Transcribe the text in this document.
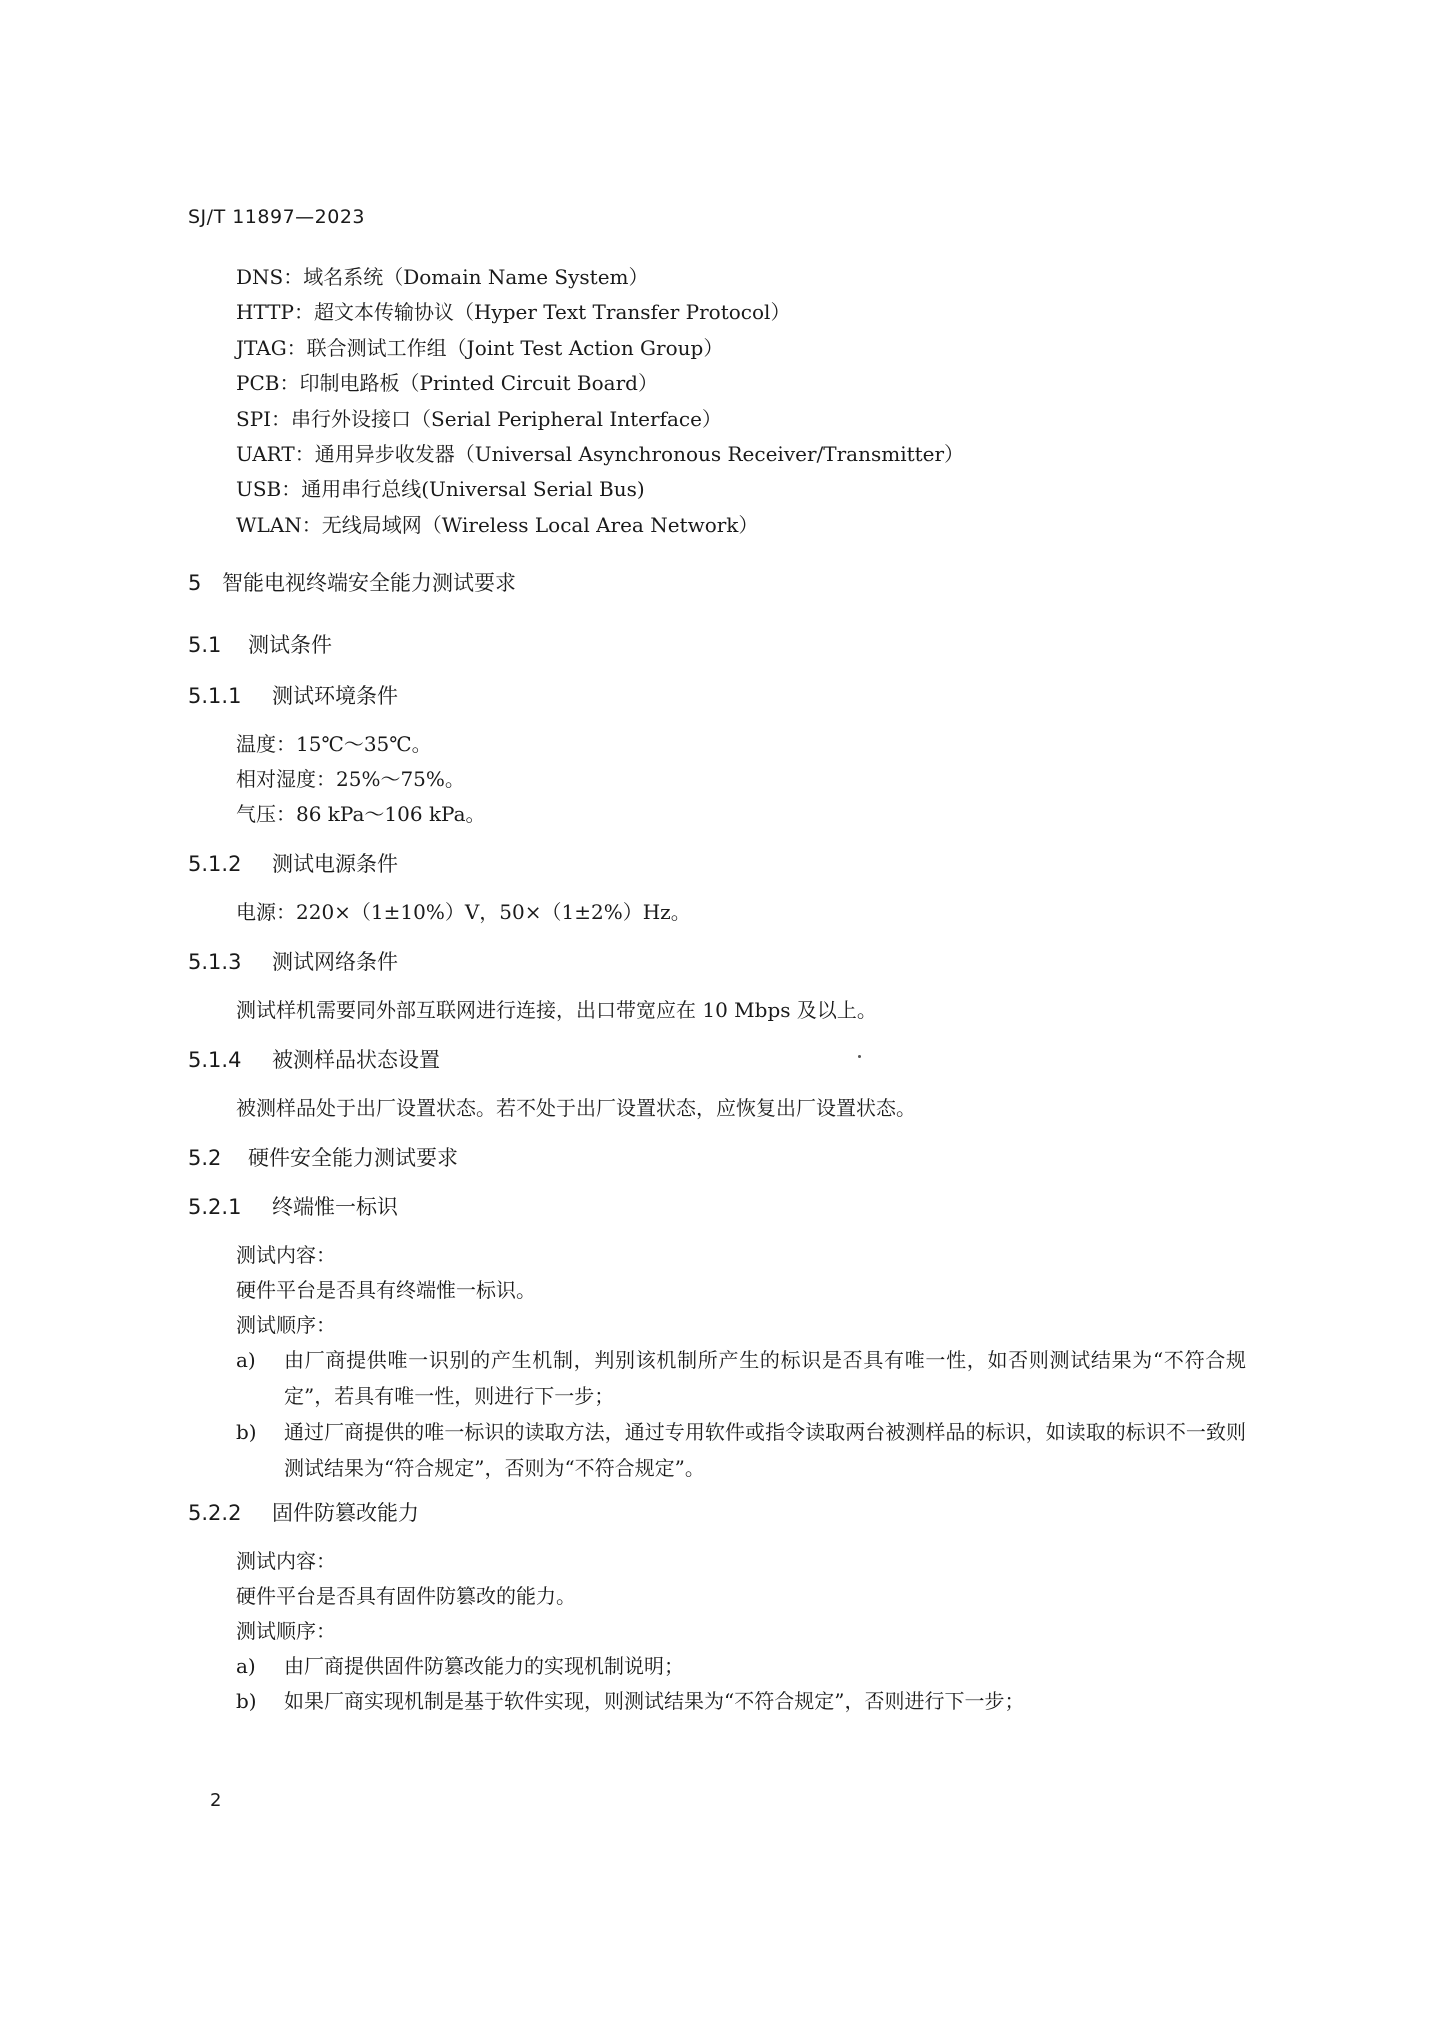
SJ/T 11897—2023
DNS：域名系统（Domain Name System）
HTTP：超文本传输协议（Hyper Text Transfer Protocol）
JTAG：联合测试工作组（Joint Test Action Group）
PCB：印制电路板（Printed Circuit Board）
SPI：串行外设接口（Serial Peripheral Interface）
UART：通用异步收发器（Universal Asynchronous Receiver/Transmitter）
USB：通用串行总线(Universal Serial Bus)
WLAN：无线局域网（Wireless Local Area Network）
5 智能电视终端安全能力测试要求
5.1 测试条件
5.1.1 测试环境条件

温度：15℃～35℃。

相对湿度：25%～75%。

气压：86 kPa～106 kPa。

5.1.2 测试电源条件

电源：220×（1±10%）V，50×（1±2%）Hz。

5.1.3 测试网络条件

测试样机需要同外部互联网进行连接，出口带宽应在 10 Mbps 及以上。

5.1.4 被测样品状态设置

被测样品处于出厂设置状态。若不处于出厂设置状态，应恢复出厂设置状态。

5.2 硬件安全能力测试要求
5.2.1 终端惟一标识

测试内容：

硬件平台是否具有终端惟一标识。

测试顺序：

a) 由厂商提供唯一识别的产生机制，判别该机制所产生的标识是否具有唯一性，如否则测试结果为“不符合规定”，若具有唯一性，则进行下一步；
b) 通过厂商提供的唯一标识的读取方法，通过专用软件或指令读取两台被测样品的标识，如读取的标识不一致则测试结果为“符合规定”，否则为“不符合规定”。
5.2.2 固件防篡改能力

测试内容：

硬件平台是否具有固件防篡改的能力。

测试顺序：

a) 由厂商提供固件防篡改能力的实现机制说明；
b) 如果厂商实现机制是基于软件实现，则测试结果为“不符合规定”，否则进行下一步；
2
